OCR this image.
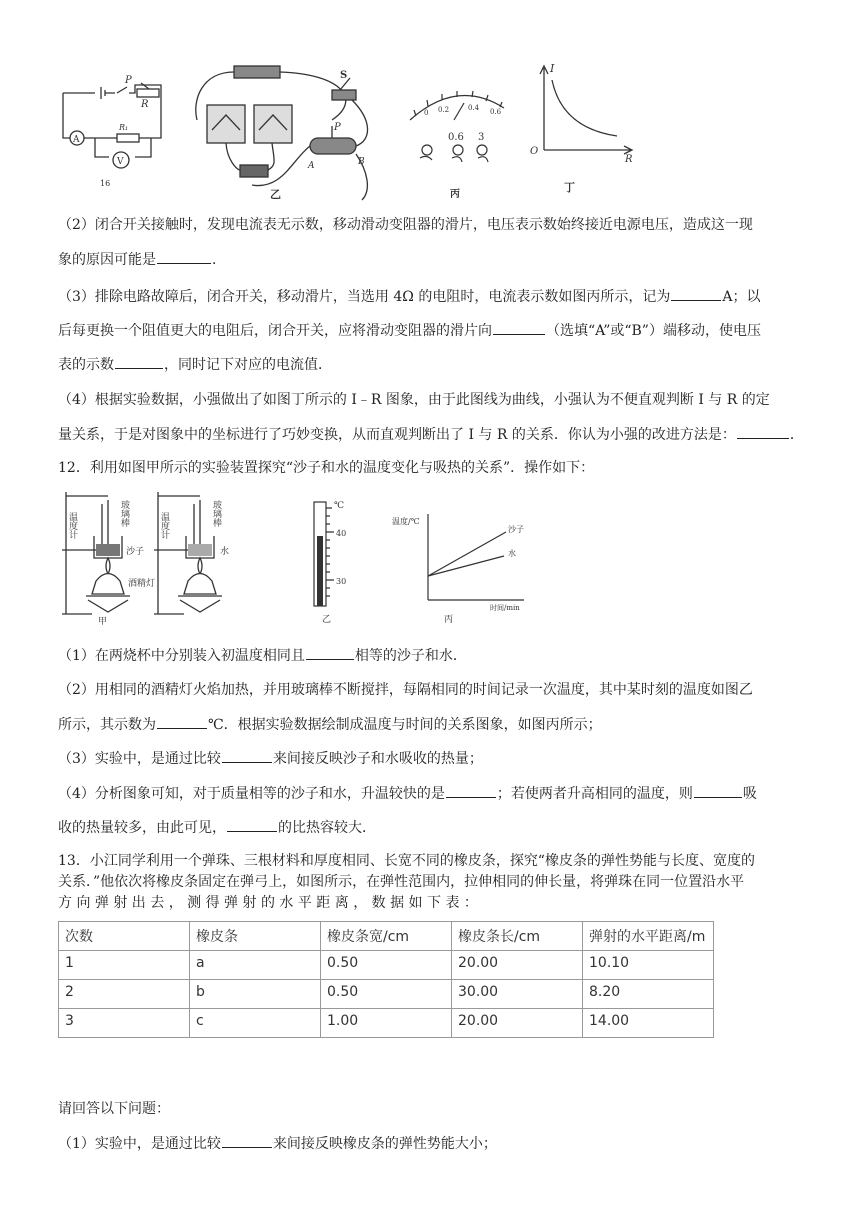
P
R
R₁
A
V
16
S
P
A	B
乙
0 0.2	0.4 0.6
0.6 3
丙
I
O
R
丁
（2）闭合开关接触时，发现电流表无示数，移动滑动变阻器的滑片，电压表示数始终接近电源电压，造成这一现
象的原因可能是	．
（3）排除电路故障后，闭合开关，移动滑片，当选用 4Ω 的电阻时，电流表示数如图丙所示，记为	A；以
后每更换一个阻值更大的电阻后，闭合开关，应将滑动变阻器的滑片向	（选填“A”或“B”）端移动，使电压
表的示数	，同时记下对应的电流值．
（4）根据实验数据，小强做出了如图丁所示的 I﹣R 图象，由于此图线为曲线，小强认为不便直观判断 I 与 R 的定
量关系，于是对图象中的坐标进行了巧妙变换，从而直观判断出了 I 与 R 的关系．你认为小强的改进方法是：	．
12．利用如图甲所示的实验装置探究“沙子和水的温度变化与吸热的关系”．操作如下：
玻璃棒
温度计
沙子
酒精灯
玻璃棒
温度计
水
甲
℃
40
30
乙
温度/℃
时间/min
沙子
水
丙
（1）在两烧杯中分别装入初温度相同且	相等的沙子和水．
（2）用相同的酒精灯火焰加热，并用玻璃棒不断搅拌，每隔相同的时间记录一次温度，其中某时刻的温度如图乙
所示，其示数为	℃．根据实验数据绘制成温度与时间的关系图象，如图丙所示；
（3）实验中，是通过比较	来间接反映沙子和水吸收的热量；
（4）分析图象可知，对于质量相等的沙子和水，升温较快的是	；若使两者升高相同的温度，则	吸
收的热量较多，由此可见，	的比热容较大．
13．小江同学利用一个弹珠、三根材料和厚度相同、长宽不同的橡皮条，探究“橡皮条的弹性势能与长度、宽度的
关系．”他依次将橡皮条固定在弹弓上，如图所示，在弹性范围内，拉伸相同的伸长量，将弹珠在同一位置沿水平
方 向 弹 射 出 去 ， 测 得 弹 射 的 水 平 距 离 ， 数 据 如 下 表 ：
次数	橡皮条	橡皮条宽/cm	橡皮条长/cm	弹射的水平距离/m
1	a	0.50	20.00	10.10
2	b	0.50	30.00	8.20
3	c	1.00	20.00	14.00
请回答以下问题：
（1）实验中，是通过比较	来间接反映橡皮条的弹性势能大小；
